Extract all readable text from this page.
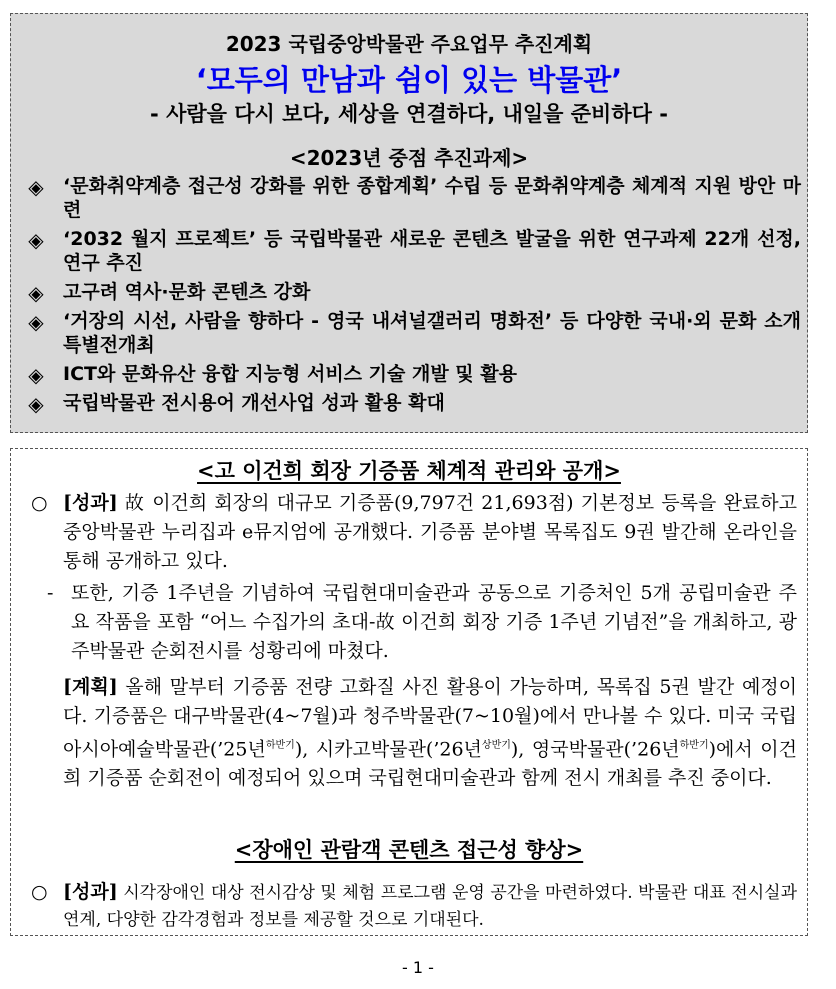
2023 국립중앙박물관 주요업무 추진계획
‘모두의 만남과 쉼이 있는 박물관’
- 사람을 다시 보다, 세상을 연결하다, 내일을 준비하다 -
<2023년 중점 추진과제>
◈ ‘문화취약계층 접근성 강화를 위한 종합계획’ 수립 등 문화취약계층 체계적 지원 방안 마련
◈ ‘2032 월지 프로젝트’ 등 국립박물관 새로운 콘텐츠 발굴을 위한 연구과제 22개 선정, 연구 추진
◈ 고구려 역사·문화 콘텐츠 강화
◈ ‘거장의 시선, 사람을 향하다 - 영국 내셔널갤러리 명화전’ 등 다양한 국내·외 문화 소개 특별전개최
◈ ICT와 문화유산 융합 지능형 서비스 기술 개발 및 활용
◈ 국립박물관 전시용어 개선사업 성과 활용 확대
<고 이건희 회장 기증품 체계적 관리와 공개>
○ [성과] 故 이건희 회장의 대규모 기증품(9,797건 21,693점) 기본정보 등록을 완료하고 중앙박물관 누리집과 e뮤지엄에 공개했다. 기증품 분야별 목록집도 9권 발간해 온라인을 통해 공개하고 있다.
- 또한, 기증 1주년을 기념하여 국립현대미술관과 공동으로 기증처인 5개 공립미술관 주요 작품을 포함 “어느 수집가의 초대-故 이건희 회장 기증 1주년 기념전”을 개최하고, 광주박물관 순회전시를 성황리에 마쳤다.
[계획] 올해 말부터 기증품 전량 고화질 사진 활용이 가능하며, 목록집 5권 발간 예정이다. 기증품은 대구박물관(4~7월)과 청주박물관(7~10월)에서 만나볼 수 있다. 미국 국립아시아예술박물관(’25년$^{하반기}$), 시카고박물관(’26년$^{상반기}$), 영국박물관(’26년$^{하반기}$)에서 이건희 기증품 순회전이 예정되어 있으며 국립현대미술관과 함께 전시 개최를 추진 중이다.
<장애인 관람객 콘텐츠 접근성 향상>
○ [성과] 시각장애인 대상 전시감상 및 체험 프로그램 운영 공간을 마련하였다. 박물관 대표 전시실과 연계, 다양한 감각경험과 정보를 제공할 것으로 기대된다.
- 1 -
